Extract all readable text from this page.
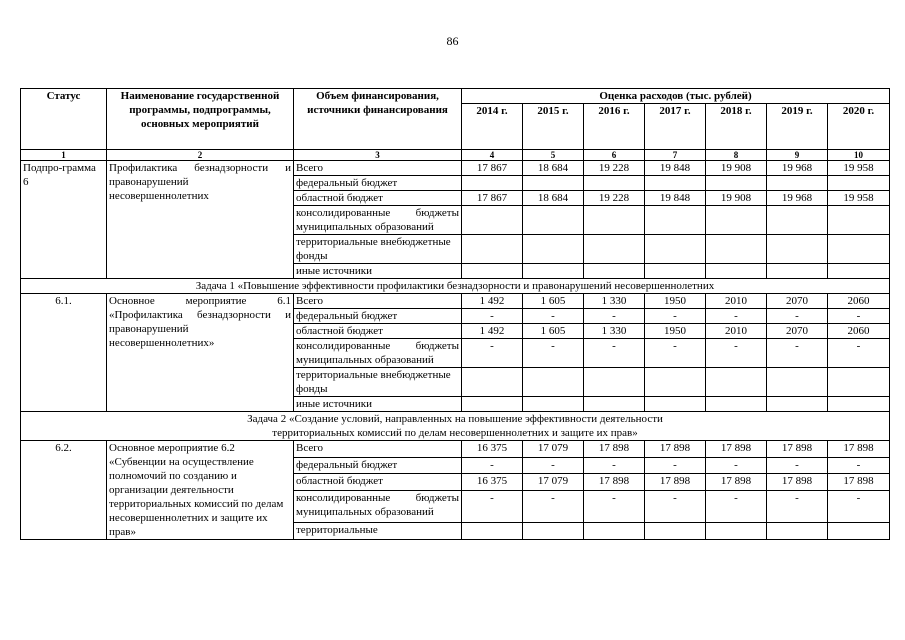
86
Статус	Наименование государственной программы, подпрограммы, основных мероприятий	Объем финансирования, источники финансирования	Оценка расходов (тыс. рублей)						
			2014 г.	2015 г.	2016 г.	2017 г.	2018 г.	2019 г.	2020 г.
1	2	3	4	5	6	7	8	9	10
Подпро-грамма 6	Профилактика безнадзорности и правонарушений несовершеннолетних	Всего	17 867	18 684	19 228	19 848	19 908	19 968	19 958
		федеральный бюджет							
		областной бюджет	17 867	18 684	19 228	19 848	19 908	19 968	19 958
		консолидированные бюджеты муниципальных образований							
		территориальные внебюджетные фонды							
		иные источники							
Задача 1 «Повышение эффективности профилактики безнадзорности и правонарушений несовершеннолетних									
6.1.	Основное мероприятие 6.1 «Профилактика безнадзорности и правонарушений несовершеннолетних»	Всего	1 492	1 605	1 330	1950	2010	2070	2060
		федеральный бюджет	-	-	-	-	-	-	-
		областной бюджет	1 492	1 605	1 330	1950	2010	2070	2060
		консолидированные бюджеты муниципальных образований	-	-	-	-	-	-	-
		территориальные внебюджетные фонды							
		иные источники							

Задача 2 «Создание условий, направленных на повышение эффективности деятельности
территориальных комиссий по делам несовершеннолетних и защите их прав»									

6.2.	Основное мероприятие 6.2 «Субвенции на осуществление полномочий по созданию и организации деятельности территориальных комиссий по делам несовершеннолетних и защите их прав»	Всего	16 375	17 079	17 898	17 898	17 898	17 898	17 898
		федеральный бюджет	-	-	-	-	-	-	-
		областной бюджет	16 375	17 079	17 898	17 898	17 898	17 898	17 898
		консолидированные бюджеты муниципальных образований	-	-	-	-	-	-	-
		территориальные							
